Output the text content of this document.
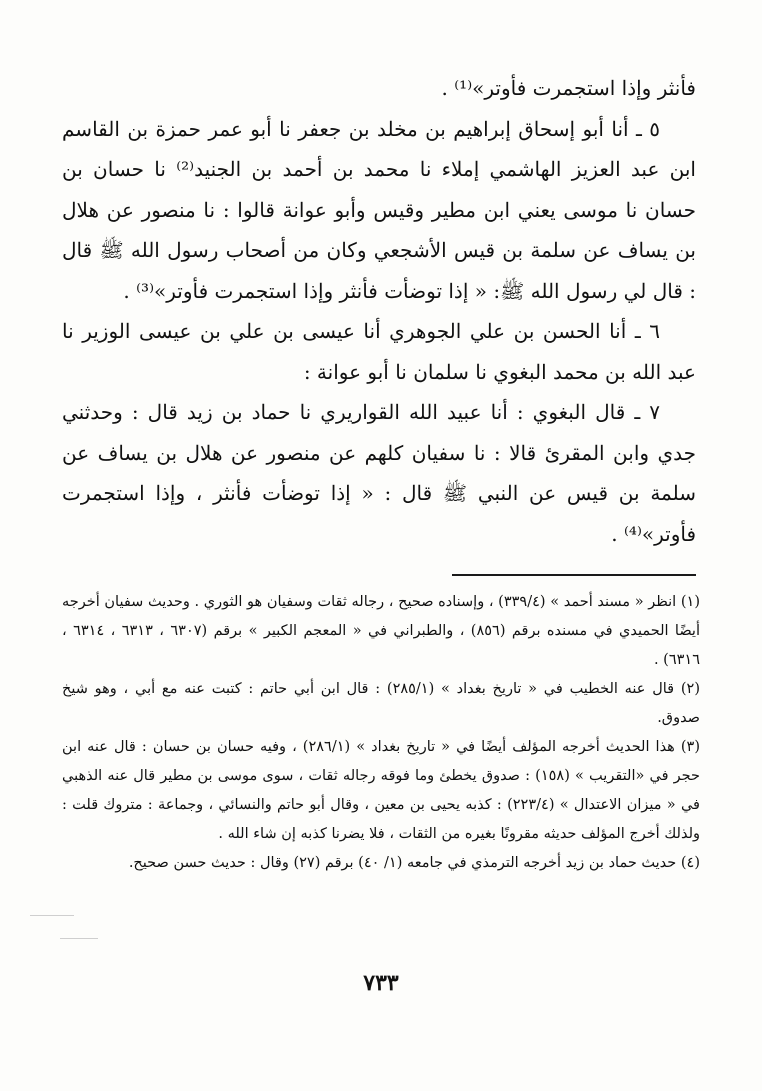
فأنثر وإذا استجمرت فأوتر»⁽¹⁾ .

٥ ـ أنا أبو إسحاق إبراهيم بن مخلد بن جعفر نا أبو عمر حمزة بن القاسم ابن عبد العزيز الهاشمي إملاء نا محمد بن أحمد بن الجنيد⁽²⁾ نا حسان بن حسان نا موسى يعني ابن مطير وقيس وأبو عوانة قالوا : نا منصور عن هلال بن يساف عن سلمة بن قيس الأشجعي وكان من أصحاب رسول الله ﷺ قال : قال لي رسول الله ﷺ: « إذا توضأت فأنثر وإذا استجمرت فأوتر»⁽³⁾ .

٦ ـ أنا الحسن بن علي الجوهري أنا عيسى بن علي بن عيسى الوزير نا عبد الله بن محمد البغوي نا سلمان نا أبو عوانة :

٧ ـ قال البغوي : أنا عبيد الله القواريري نا حماد بن زيد قال : وحدثني جدي وابن المقرئ قالا : نا سفيان كلهم عن منصور عن هلال بن يساف عن سلمة بن قيس عن النبي ﷺ قال : « إذا توضأت فأنثر ، وإذا استجمرت فأوتر»⁽⁴⁾ .

(١) انظر « مسند أحمد » (٣٣٩/٤) ، وإسناده صحيح ، رجاله ثقات وسفيان هو الثوري . وحديث سفيان أخرجه أيضًا الحميدي في مسنده برقم (٨٥٦) ، والطبراني في « المعجم الكبير » برقم (٦٣٠٧ ، ٦٣١٣ ، ٦٣١٤ ، ٦٣١٦) .

(٢) قال عنه الخطيب في « تاريخ بغداد » (٢٨٥/١) : قال ابن أبي حاتم : كتبت عنه مع أبي ، وهو شيخ صدوق.

(٣) هذا الحديث أخرجه المؤلف أيضًا في « تاريخ بغداد » (٢٨٦/١) ، وفيه حسان بن حسان : قال عنه ابن حجر في «التقريب » (١٥٨) : صدوق يخطئ وما فوقه رجاله ثقات ، سوى موسى بن مطير قال عنه الذهبي في « ميزان الاعتدال » (٢٢٣/٤) : كذبه يحيى بن معين ، وقال أبو حاتم والنسائي ، وجماعة : متروك قلت : ولذلك أخرج المؤلف حديثه مقرونًا بغيره من الثقات ، فلا يضرنا كذبه إن شاء الله .

(٤) حديث حماد بن زيد أخرجه الترمذي في جامعه (١/ ٤٠) برقم (٢٧) وقال : حديث حسن صحيح.

٧٣٣
